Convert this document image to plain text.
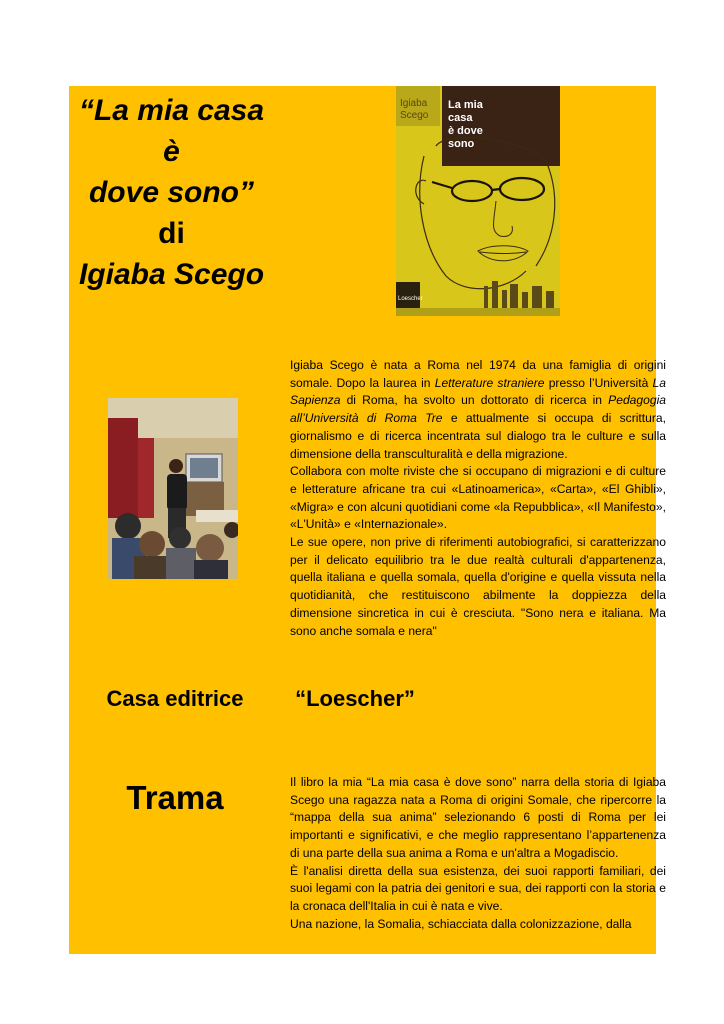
“La mia casa è
dove sono”
di
Igiaba Scego
Igiaba
Scego
La mia
casa
è dove
sono
Loescher

Igiaba Scego è nata a Roma nel 1974 da una famiglia di origini somale. Dopo la laurea in Letterature straniere presso l’Università La Sapienza di Roma, ha svolto un dottorato di ricerca in Pedagogia all’Università di Roma Tre e attualmente si occupa di scrittura, giornalismo e di ricerca incentrata sul dialogo tra le culture e sulla dimensione della transculturalità e della migrazione.

Collabora con molte riviste che si occupano di migrazioni e di culture e letterature africane tra cui «Latinoamerica», «Carta», «El Ghibli», «Migra» e con alcuni quotidiani come «la Repubblica», «Il Manifesto», «L'Unità» e «Internazionale».

Le sue opere, non prive di riferimenti autobiografici, si caratterizzano per il delicato equilibrio tra le due realtà culturali d'appartenenza, quella italiana e quella somala, quella d'origine e quella vissuta nella quotidianità, che restituiscono abilmente la doppiezza della dimensione sincretica in cui è cresciuta. "Sono nera e italiana. Ma sono anche somala e nera"

Casa editrice	“Loescher”
Trama	Il libro la mia “La mia casa è dove sono” narra della storia di Igiaba Scego una ragazza nata a Roma di origini Somale, che ripercorre la “mappa della sua anima” selezionando 6 posti di Roma per lei importanti e significativi, e che meglio rappresentano l’appartenenza di una parte della sua anima a Roma e un'altra a Mogadiscio.

È l'analisi diretta della sua esistenza, dei suoi rapporti familiari, dei suoi legami con la patria dei genitori e sua, dei rapporti con la storia e la cronaca dell'Italia in cui è nata e vive.

Una nazione, la Somalia, schiacciata dalla colonizzazione, dalla
